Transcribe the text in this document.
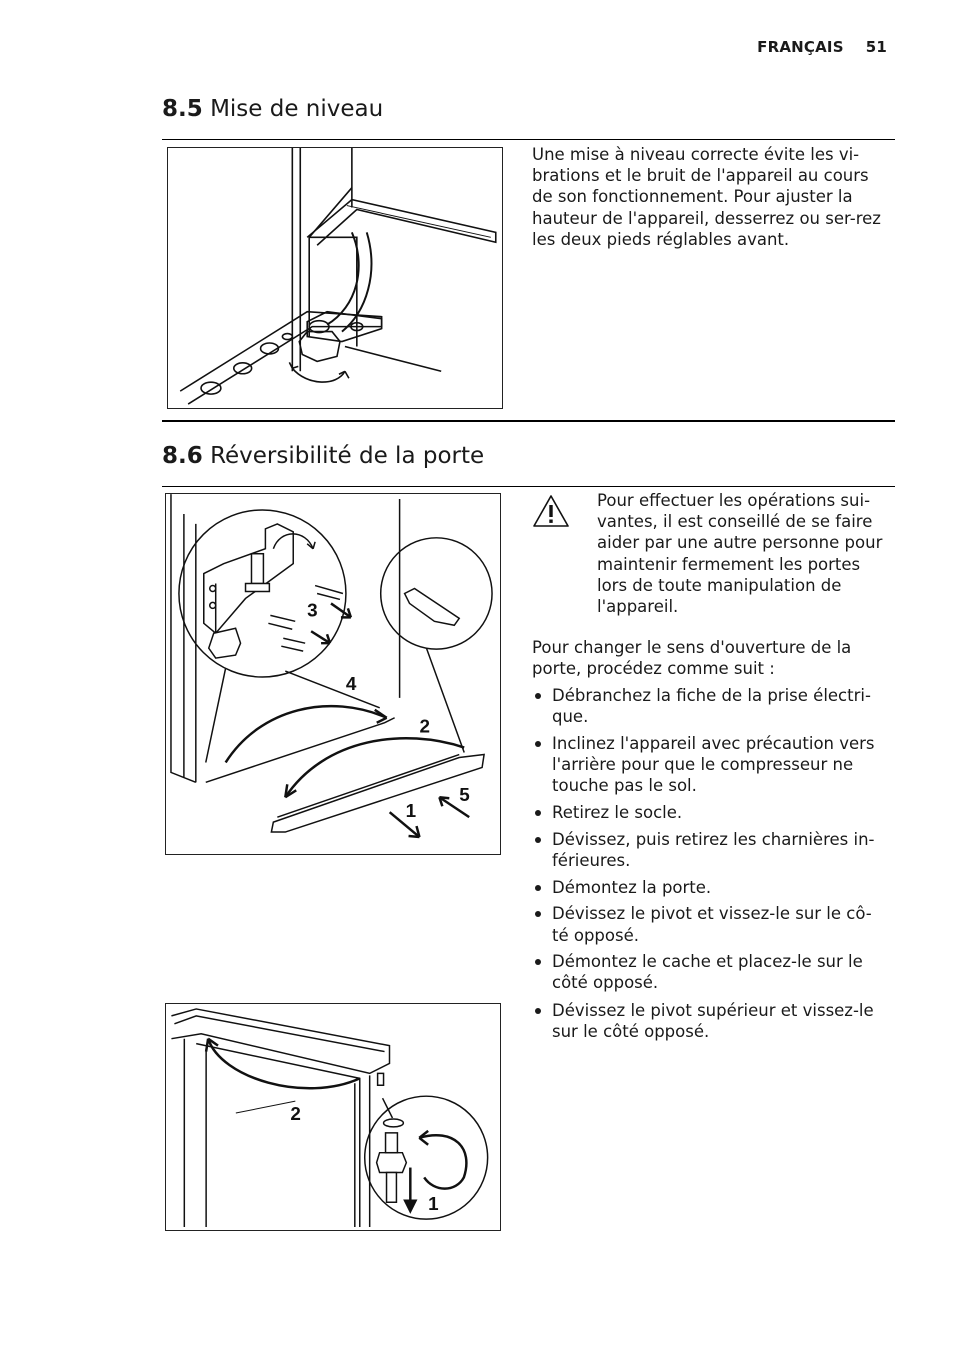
FRANÇAIS 51
8.5 Mise de niveau
Une mise à niveau correcte évite les vi-brations et le bruit de l'appareil au cours de son fonctionnement. Pour ajuster la hauteur de l'appareil, desserrez ou ser-rez les deux pieds réglables avant.
8.6 Réversibilité de la porte
3
4
2
5
1
Pour effectuer les opérations sui-vantes, il est conseillé de se faire aider par une autre personne pour maintenir fermement les portes lors de toute manipulation de l'appareil.
Pour changer le sens d'ouverture de la porte, procédez comme suit :
Débranchez la fiche de la prise électri-que.
Inclinez l'appareil avec précaution vers l'arrière pour que le compresseur ne touche pas le sol.
Retirez le socle.
Dévissez, puis retirez les charnières in-férieures.
Démontez la porte.
Dévissez le pivot et vissez-le sur le cô-té opposé.
Démontez le cache et placez-le sur le côté opposé.
2
1
Dévissez le pivot supérieur et vissez-le sur le côté opposé.
